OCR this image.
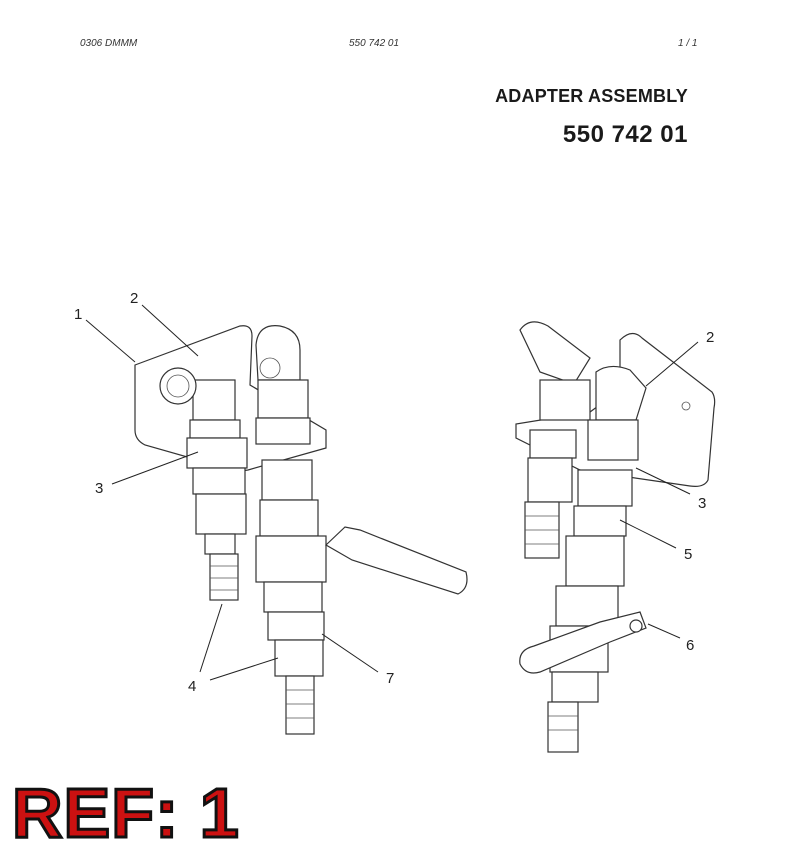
0306 DMMM	550 742 01	1 / 1
ADAPTER ASSEMBLY
550 742 01
1
2
3
4	7
2
3
5
6
REF: 1
